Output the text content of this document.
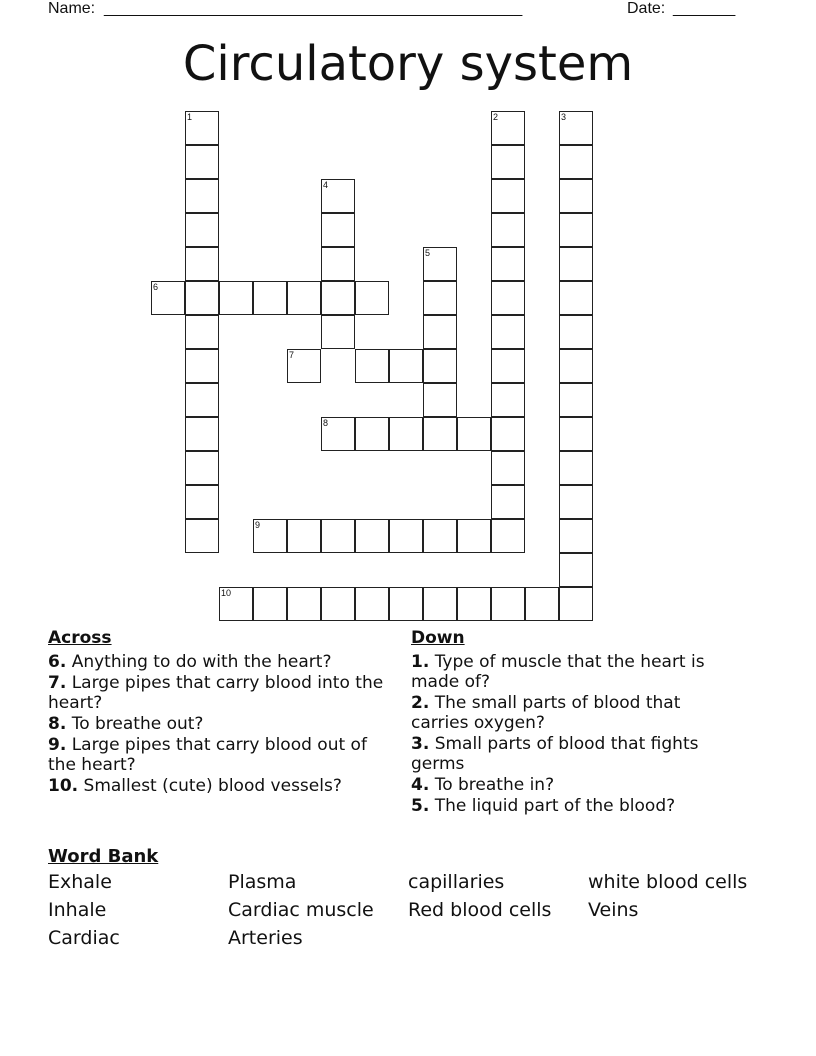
Name: _______________________________________________	Date: _______
Circulatory system
1	2	3
4
5
6
7
8
9
10
Across
6. Anything to do with the heart?
7. Large pipes that carry blood into the heart?
8. To breathe out?
9. Large pipes that carry blood out of the heart?
10. Smallest (cute) blood vessels?
Down
1. Type of muscle that the heart is made of?
2. The small parts of blood that carries oxygen?
3. Small parts of blood that fights germs
4. To breathe in?
5. The liquid part of the blood?
Word Bank
Exhale	Plasma	capillaries	white blood cells
Inhale	Cardiac muscle	Red blood cells	Veins
Cardiac	Arteries
